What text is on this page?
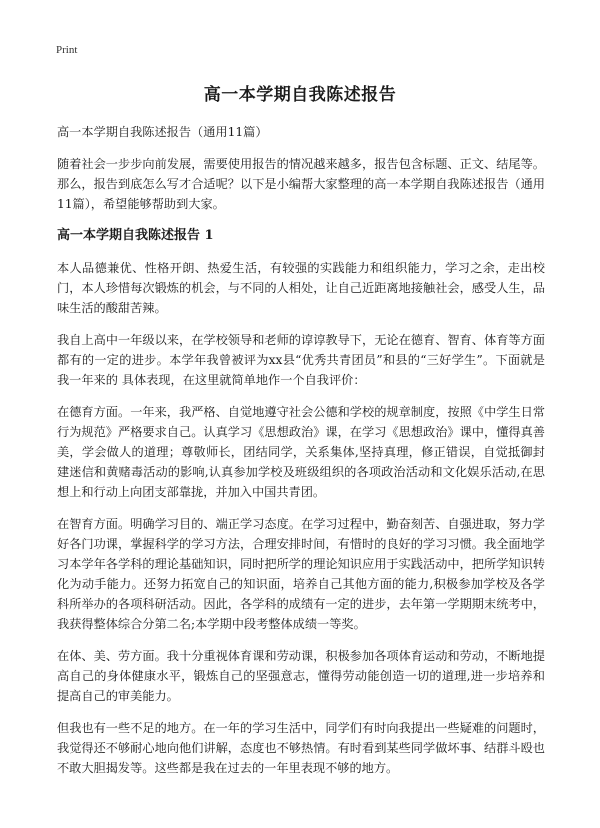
Print
高一本学期自我陈述报告

高一本学期自我陈述报告（通用11篇）

随着社会一步步向前发展，需要使用报告的情况越来越多，报告包含标题、正文、结尾等。那么，报告到底怎么写才合适呢？以下是小编帮大家整理的高一本学期自我陈述报告（通用11篇），希望能够帮助到大家。

高一本学期自我陈述报告 1

本人品德兼优、性格开朗、热爱生活，有较强的实践能力和组织能力，学习之余，走出校门，本人珍惜每次锻炼的机会，与不同的人相处，让自己近距离地接触社会，感受人生，品味生活的酸甜苦辣。

我自上高中一年级以来，在学校领导和老师的谆谆教导下，无论在德育、智育、体育等方面都有的一定的进步。本学年我曾被评为xx县“优秀共青团员”和县的“三好学生”。下面就是我一年来的 具体表现，在这里就简单地作一个自我评价：

在德育方面。一年来，我严格、自觉地遵守社会公德和学校的规章制度，按照《中学生日常行为规范》严格要求自己。认真学习《思想政治》课，在学习《思想政治》课中，懂得真善美，学会做人的道理；尊敬师长，团结同学，关系集体,坚持真理，修正错误，自觉抵御封建迷信和黄赌毒活动的影响,认真参加学校及班级组织的各项政治活动和文化娱乐活动,在思想上和行动上向团支部靠拢，并加入中国共青团。

在智育方面。明确学习目的、端正学习态度。在学习过程中，勤奋刻苦、自强进取，努力学好各门功课，掌握科学的学习方法，合理安排时间，有惜时的良好的学习习惯。我全面地学习本学年各学科的理论基础知识，同时把所学的理论知识应用于实践活动中，把所学知识转化为动手能力。还努力拓宽自己的知识面，培养自己其他方面的能力,积极参加学校及各学科所举办的各项科研活动。因此，各学科的成绩有一定的进步，去年第一学期期末统考中，我获得整体综合分第二名;本学期中段考整体成绩一等奖。

在体、美、劳方面。我十分重视体育课和劳动课，积极参加各项体育运动和劳动，不断地提高自己的身体健康水平，锻炼自己的坚强意志，懂得劳动能创造一切的道理,进一步培养和提高自己的审美能力。

但我也有一些不足的地方。在一年的学习生活中，同学们有时向我提出一些疑难的问题时，我觉得还不够耐心地向他们讲解，态度也不够热情。有时看到某些同学做坏事、结群斗殴也不敢大胆揭发等。这些都是我在过去的一年里表现不够的地方。
